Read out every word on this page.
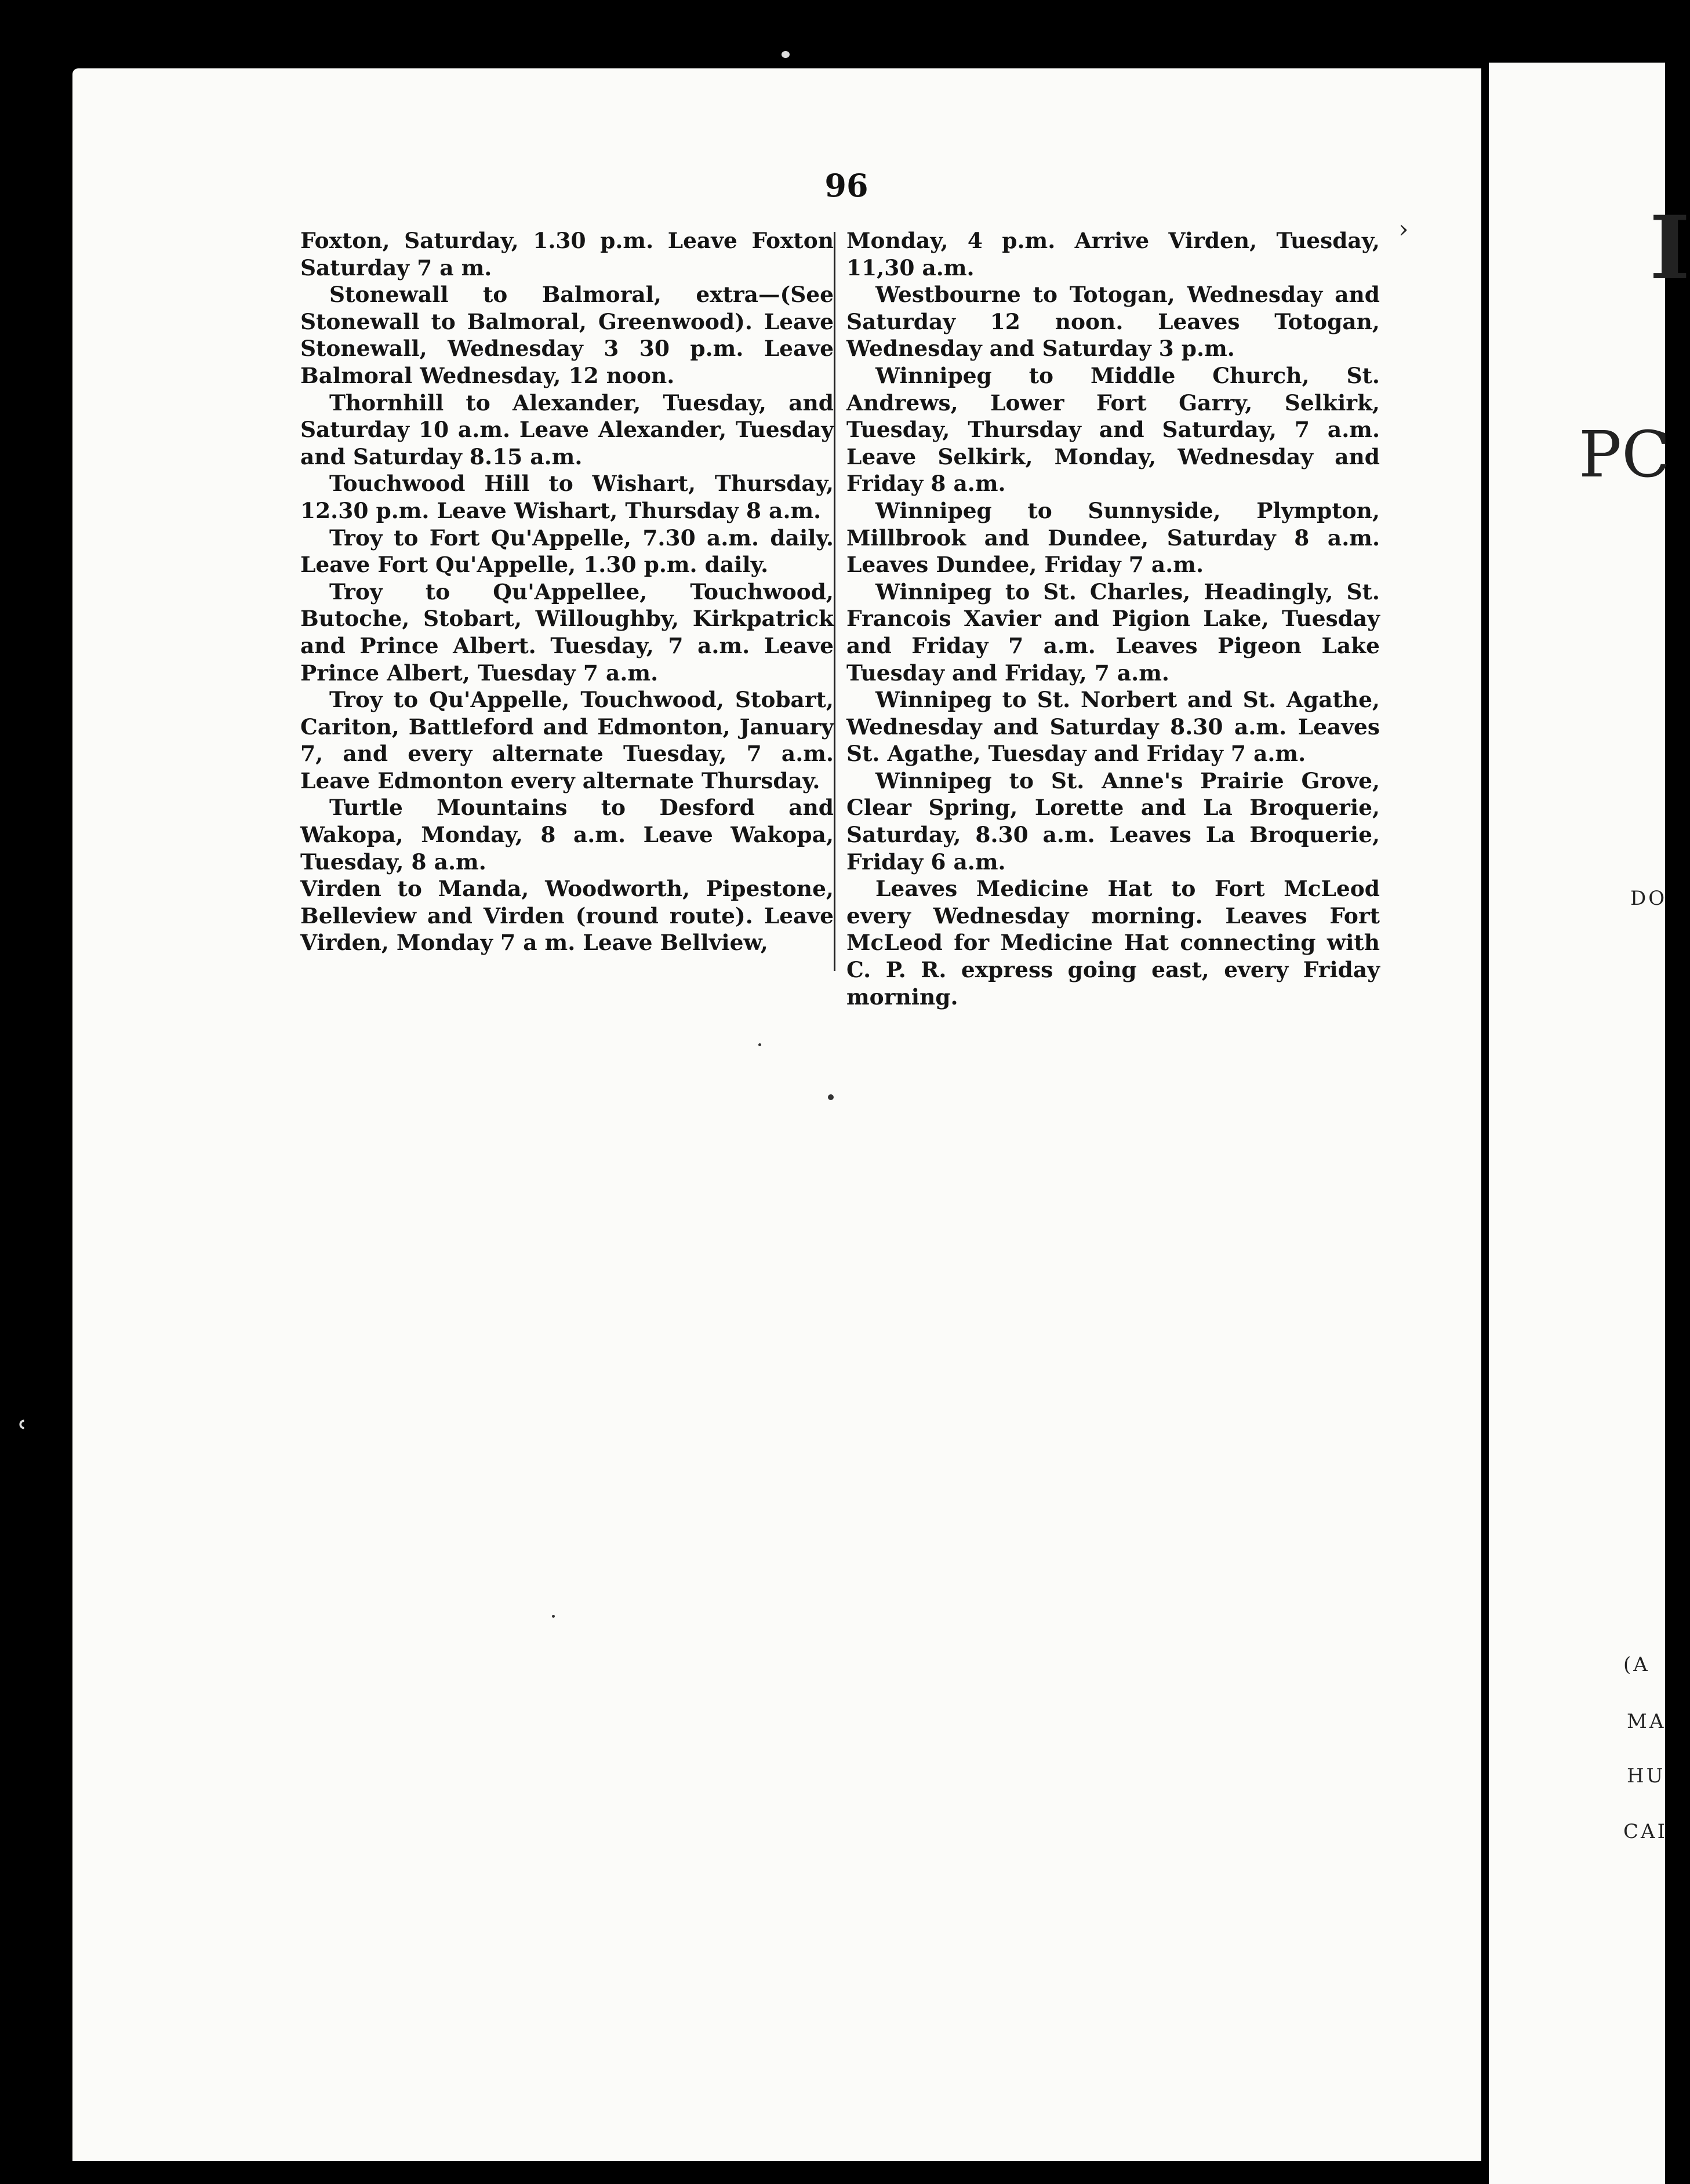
96

Foxton, Saturday, 1.30 p.m. Leave Foxton Saturday 7 a m.

Stonewall to Balmoral, extra—(See Stonewall to Balmoral, Greenwood). Leave Stonewall, Wednesday 3 30 p.m. Leave Balmoral Wednesday, 12 noon.

Thornhill to Alexander, Tuesday, and Saturday 10 a.m. Leave Alexander, Tuesday and Saturday 8.15 a.m.

Touchwood Hill to Wishart, Thursday, 12.30 p.m. Leave Wishart, Thursday 8 a.m.

Troy to Fort Qu'Appelle, 7.30 a.m. daily. Leave Fort Qu'Appelle, 1.30 p.m. daily.

Troy to Qu'Appellee, Touchwood, Butoche, Stobart, Willoughby, Kirkpatrick and Prince Albert. Tuesday, 7 a.m. Leave Prince Albert, Tuesday 7 a.m.

Troy to Qu'Appelle, Touchwood, Stobart, Cariton, Battleford and Edmonton, January 7, and every alternate Tuesday, 7 a.m. Leave Edmonton every alternate Thursday.

Turtle Mountains to Desford and Wakopa, Monday, 8 a.m. Leave Wakopa, Tuesday, 8 a.m.

Virden to Manda, Woodworth, Pipestone, Belleview and Virden (round route). Leave Virden, Monday 7 a m. Leave Bellview,

Monday, 4 p.m. Arrive Virden, Tuesday, 11,30 a.m.

Westbourne to Totogan, Wednesday and Saturday 12 noon. Leaves Totogan, Wednesday and Saturday 3 p.m.

Winnipeg to Middle Church, St. Andrews, Lower Fort Garry, Selkirk, Tuesday, Thursday and Saturday, 7 a.m. Leave Selkirk, Monday, Wednesday and Friday 8 a.m.

Winnipeg to Sunnyside, Plympton, Millbrook and Dundee, Saturday 8 a.m. Leaves Dundee, Friday 7 a.m.

Winnipeg to St. Charles, Headingly, St. Francois Xavier and Pigion Lake, Tuesday and Friday 7 a.m. Leaves Pigeon Lake Tuesday and Friday, 7 a.m.

Winnipeg to St. Norbert and St. Agathe, Wednesday and Saturday 8.30 a.m. Leaves St. Agathe, Tuesday and Friday 7 a.m.

Winnipeg to St. Anne's Prairie Grove, Clear Spring, Lorette and La Broquerie, Saturday, 8.30 a.m. Leaves La Broquerie, Friday 6 a.m.

Leaves Medicine Hat to Fort McLeod every Wednesday morning. Leaves Fort McLeod for Medicine Hat connecting with C. P. R. express going east, every Friday morning.

ʿ
›	I
PC
DO
(A
MA
HU
CAI
